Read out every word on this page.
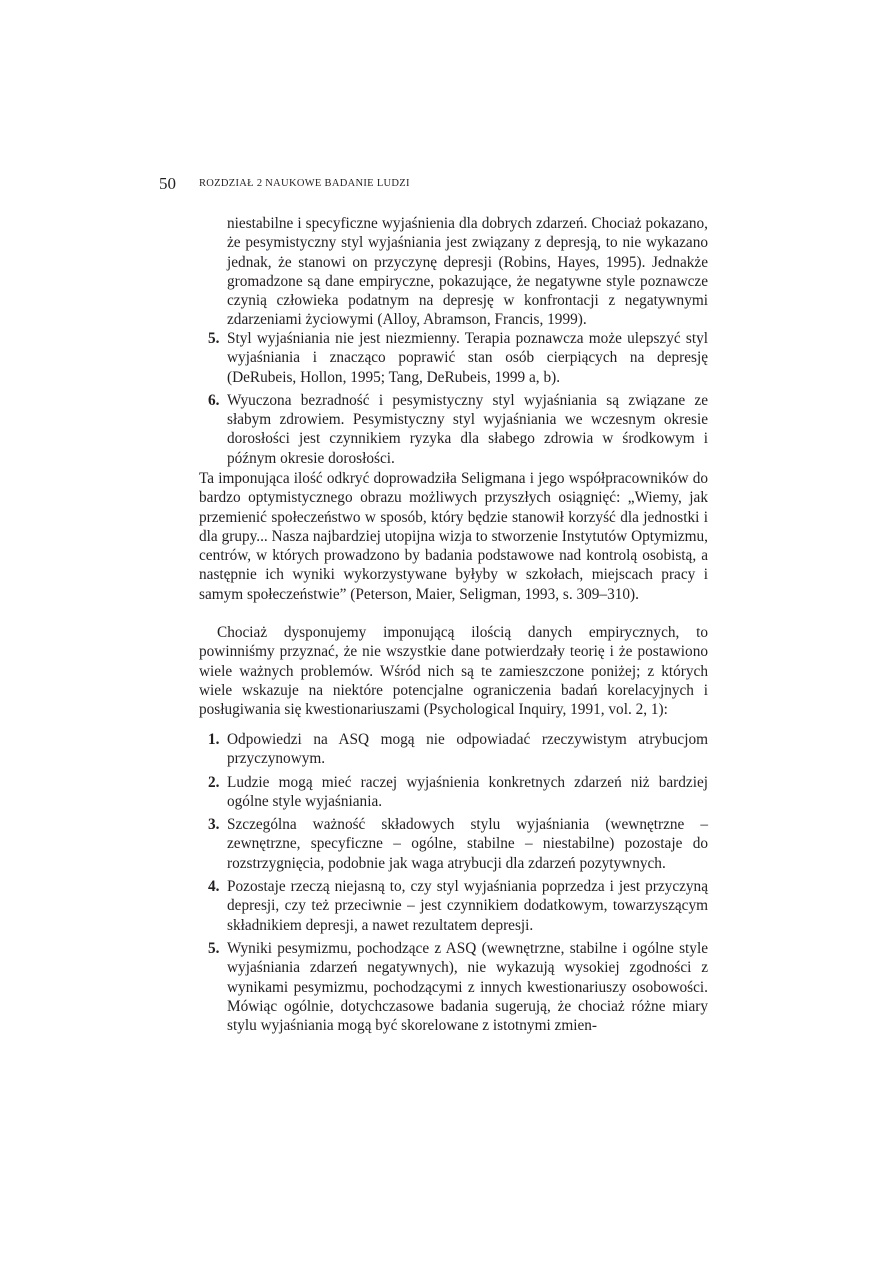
50 ROZDZIAŁ 2 NAUKOWE BADANIE LUDZI
niestabilne i specyficzne wyjaśnienia dla dobrych zdarzeń. Chociaż pokazano, że pesymistyczny styl wyjaśniania jest związany z depresją, to nie wykazano jednak, że stanowi on przyczynę depresji (Robins, Hayes, 1995). Jednakże gromadzone są dane empiryczne, pokazujące, że negatywne style poznawcze czynią człowieka podatnym na depresję w konfrontacji z negatywnymi zdarzeniami życiowymi (Alloy, Abramson, Francis, 1999).
5. Styl wyjaśniania nie jest niezmienny. Terapia poznawcza może ulepszyć styl wyjaśniania i znacząco poprawić stan osób cierpiących na depresję (DeRubeis, Hollon, 1995; Tang, DeRubeis, 1999 a, b).
6. Wyuczona bezradność i pesymistyczny styl wyjaśniania są związane ze słabym zdrowiem. Pesymistyczny styl wyjaśniania we wczesnym okresie dorosłości jest czynnikiem ryzyka dla słabego zdrowia w środkowym i późnym okresie dorosłości.
Ta imponująca ilość odkryć doprowadziła Seligmana i jego współpracowników do bardzo optymistycznego obrazu możliwych przyszłych osiągnięć: „Wiemy, jak przemienić społeczeństwo w sposób, który będzie stanowił korzyść dla jednostki i dla grupy... Nasza najbardziej utopijna wizja to stworzenie Instytutów Optymizmu, centrów, w których prowadzono by badania podstawowe nad kontrolą osobistą, a następnie ich wyniki wykorzystywane byłyby w szkołach, miejscach pracy i samym społeczeństwie” (Peterson, Maier, Seligman, 1993, s. 309–310).
Chociaż dysponujemy imponującą ilością danych empirycznych, to powinniśmy przyznać, że nie wszystkie dane potwierdzały teorię i że postawiono wiele ważnych problemów. Wśród nich są te zamieszczone poniżej; z których wiele wskazuje na niektóre potencjalne ograniczenia badań korelacyjnych i posługiwania się kwestionariuszami (Psychological Inquiry, 1991, vol. 2, 1):
1. Odpowiedzi na ASQ mogą nie odpowiadać rzeczywistym atrybucjom przyczynowym.
2. Ludzie mogą mieć raczej wyjaśnienia konkretnych zdarzeń niż bardziej ogólne style wyjaśniania.
3. Szczególna ważność składowych stylu wyjaśniania (wewnętrzne – zewnętrzne, specyficzne – ogólne, stabilne – niestabilne) pozostaje do rozstrzygnięcia, podobnie jak waga atrybucji dla zdarzeń pozytywnych.
4. Pozostaje rzeczą niejasną to, czy styl wyjaśniania poprzedza i jest przyczyną depresji, czy też przeciwnie – jest czynnikiem dodatkowym, towarzyszącym składnikiem depresji, a nawet rezultatem depresji.
5. Wyniki pesymizmu, pochodzące z ASQ (wewnętrzne, stabilne i ogólne style wyjaśniania zdarzeń negatywnych), nie wykazują wysokiej zgodności z wynikami pesymizmu, pochodzącymi z innych kwestionariuszy osobowości. Mówiąc ogólnie, dotychczasowe badania sugerują, że chociaż różne miary stylu wyjaśniania mogą być skorelowane z istotnymi zmien-
